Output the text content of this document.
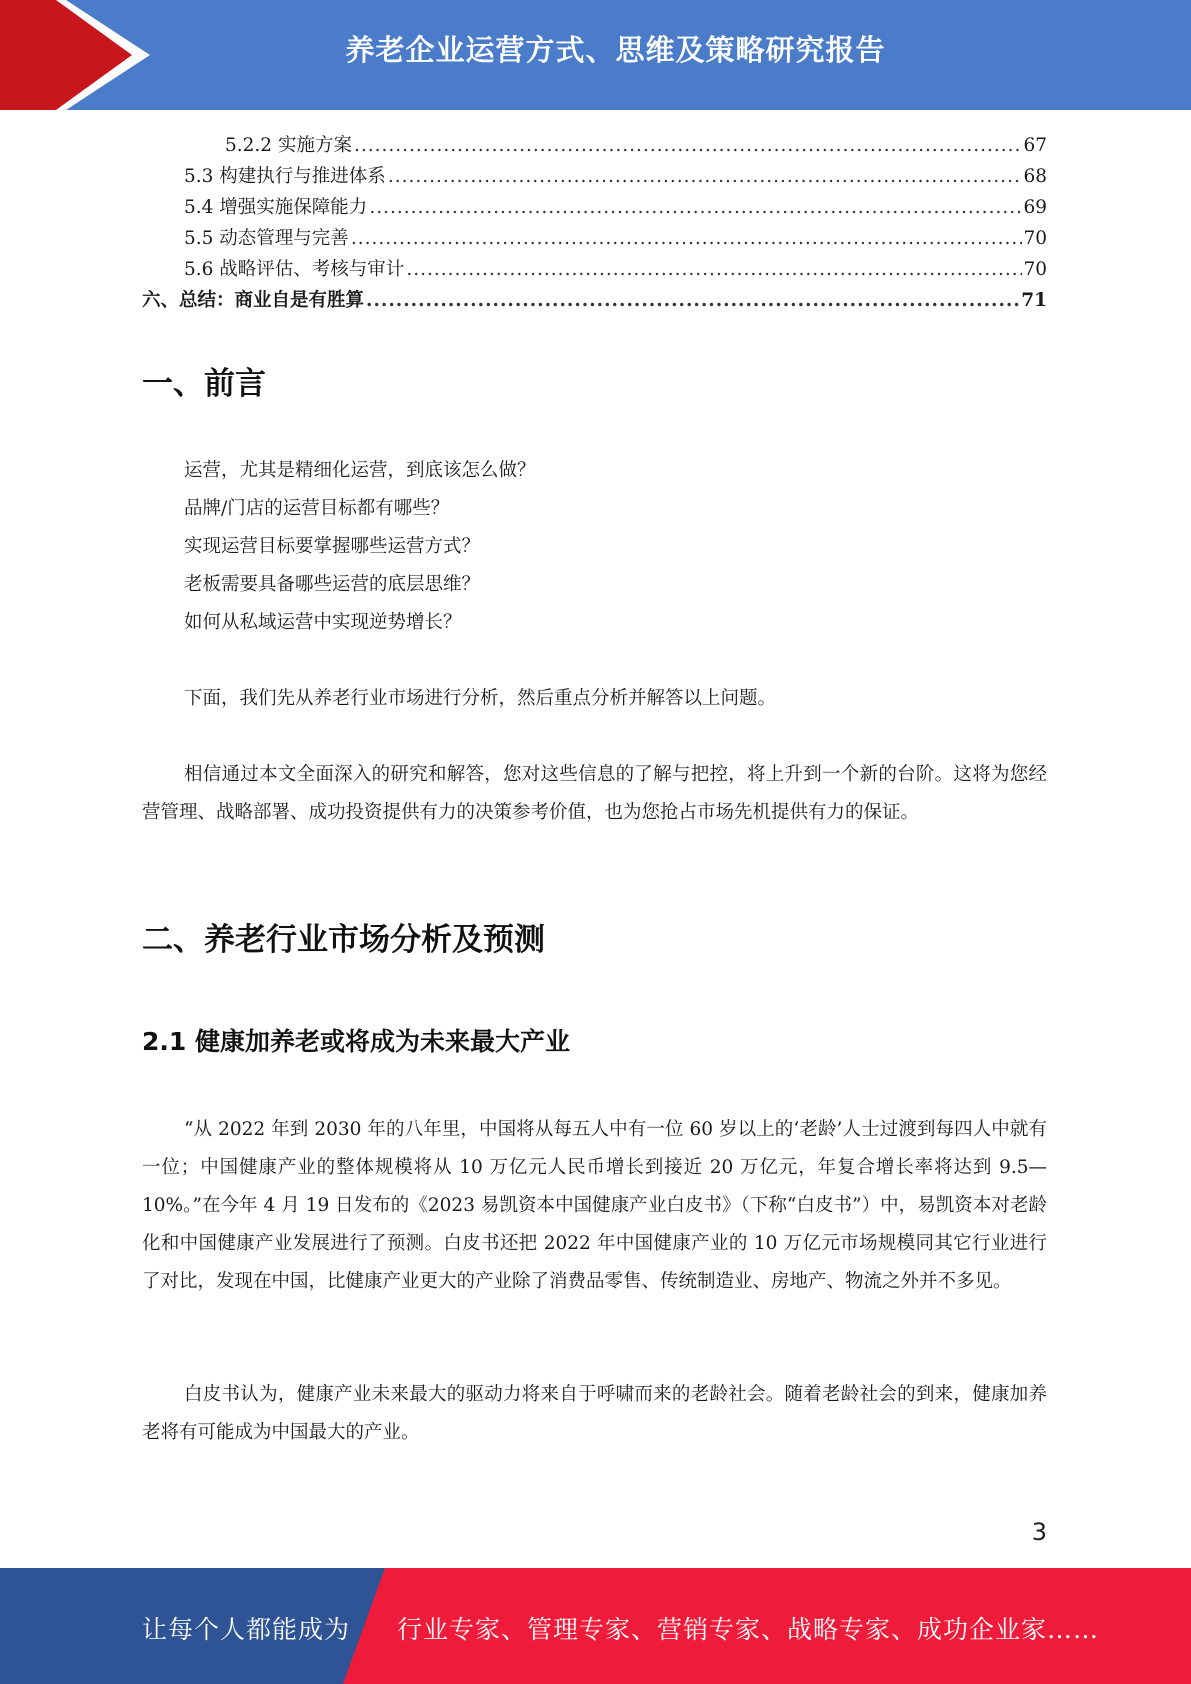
养老企业运营方式、思维及策略研究报告
5.2.2 实施方案 .....	67
5.3 构建执行与推进体系 .....	68
5.4 增强实施保障能力 .....	69
5.5 动态管理与完善 .....	70
5.6 战略评估、考核与审计 .....	70
六、总结：商业自是有胜算 .....	71
一、前言
运营，尤其是精细化运营，到底该怎么做？
品牌/门店的运营目标都有哪些？
实现运营目标要掌握哪些运营方式？
老板需要具备哪些运营的底层思维？
如何从私域运营中实现逆势增长？
下面，我们先从养老行业市场进行分析，然后重点分析并解答以上问题。
相信通过本文全面深入的研究和解答，您对这些信息的了解与把控，将上升到一个新的台阶。这将为您经营管理、战略部署、成功投资提供有力的决策参考价值，也为您抢占市场先机提供有力的保证。
二、养老行业市场分析及预测
2.1 健康加养老或将成为未来最大产业
“从 2022 年到 2030 年的八年里，中国将从每五人中有一位 60 岁以上的‘老龄’人士过渡到每四人中就有一位；中国健康产业的整体规模将从 10 万亿元人民币增长到接近 20 万亿元，年复合增长率将达到 9.5—10%。”在今年 4 月 19 日发布的《2023 易凯资本中国健康产业白皮书》（下称“白皮书”）中，易凯资本对老龄化和中国健康产业发展进行了预测。白皮书还把 2022 年中国健康产业的 10 万亿元市场规模同其它行业进行了对比，发现在中国，比健康产业更大的产业除了消费品零售、传统制造业、房地产、物流之外并不多见。
白皮书认为，健康产业未来最大的驱动力将来自于呼啸而来的老龄社会。随着老龄社会的到来，健康加养老将有可能成为中国最大的产业。
3
让每个人都能成为 行业专家、管理专家、营销专家、战略专家、成功企业家……
